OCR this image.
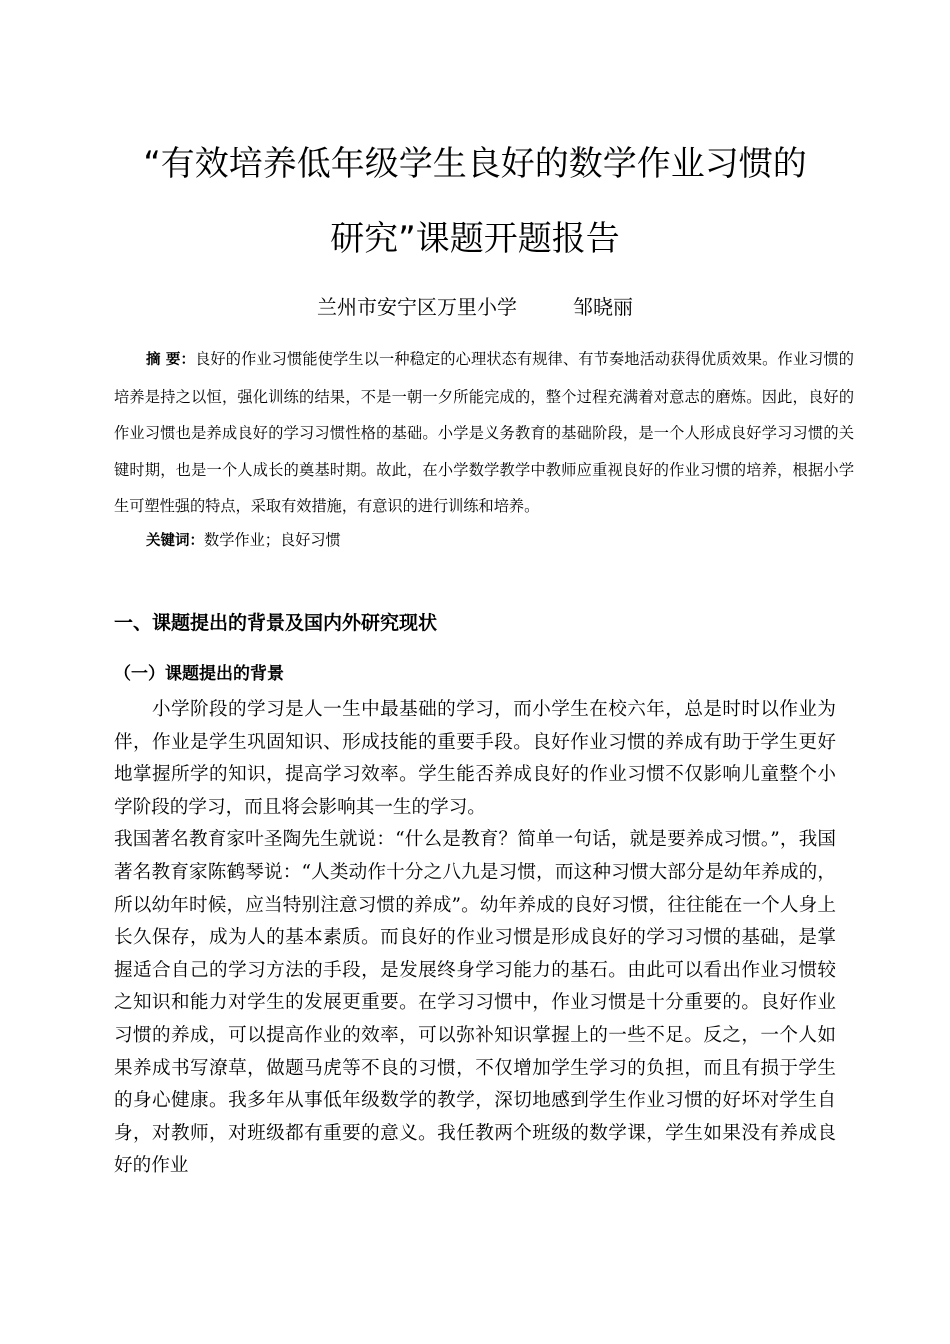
“有效培养低年级学生良好的数学作业习惯的
研究”课题开题报告
兰州市安宁区万里小学	邹晓丽

摘 要：良好的作业习惯能使学生以一种稳定的心理状态有规律、有节奏地活动获得优质效果。作业习惯的培养是持之以恒，强化训练的结果，不是一朝一夕所能完成的，整个过程充满着对意志的磨炼。因此，良好的作业习惯也是养成良好的学习习惯性格的基础。小学是义务教育的基础阶段，是一个人形成良好学习习惯的关键时期，也是一个人成长的奠基时期。故此，在小学数学教学中教师应重视良好的作业习惯的培养，根据小学生可塑性强的特点，采取有效措施，有意识的进行训练和培养。

关键词：数学作业；良好习惯
一、课题提出的背景及国内外研究现状
（一）课题提出的背景

小学阶段的学习是人一生中最基础的学习，而小学生在校六年，总是时时以作业为伴，作业是学生巩固知识、形成技能的重要手段。良好作业习惯的养成有助于学生更好地掌握所学的知识，提高学习效率。学生能否养成良好的作业习惯不仅影响儿童整个小学阶段的学习，而且将会影响其一生的学习。

我国著名教育家叶圣陶先生就说：“什么是教育？简单一句话，就是要养成习惯。”，我国著名教育家陈鹤琴说：“人类动作十分之八九是习惯，而这种习惯大部分是幼年养成的，所以幼年时候，应当特别注意习惯的养成”。幼年养成的良好习惯，往往能在一个人身上长久保存，成为人的基本素质。而良好的作业习惯是形成良好的学习习惯的基础，是掌握适合自己的学习方法的手段，是发展终身学习能力的基石。由此可以看出作业习惯较之知识和能力对学生的发展更重要。在学习习惯中，作业习惯是十分重要的。良好作业习惯的养成，可以提高作业的效率，可以弥补知识掌握上的一些不足。反之，一个人如果养成书写潦草，做题马虎等不良的习惯，不仅增加学生学习的负担，而且有损于学生的身心健康。我多年从事低年级数学的教学，深切地感到学生作业习惯的好坏对学生自身，对教师，对班级都有重要的意义。我任教两个班级的数学课，学生如果没有养成良好的作业
